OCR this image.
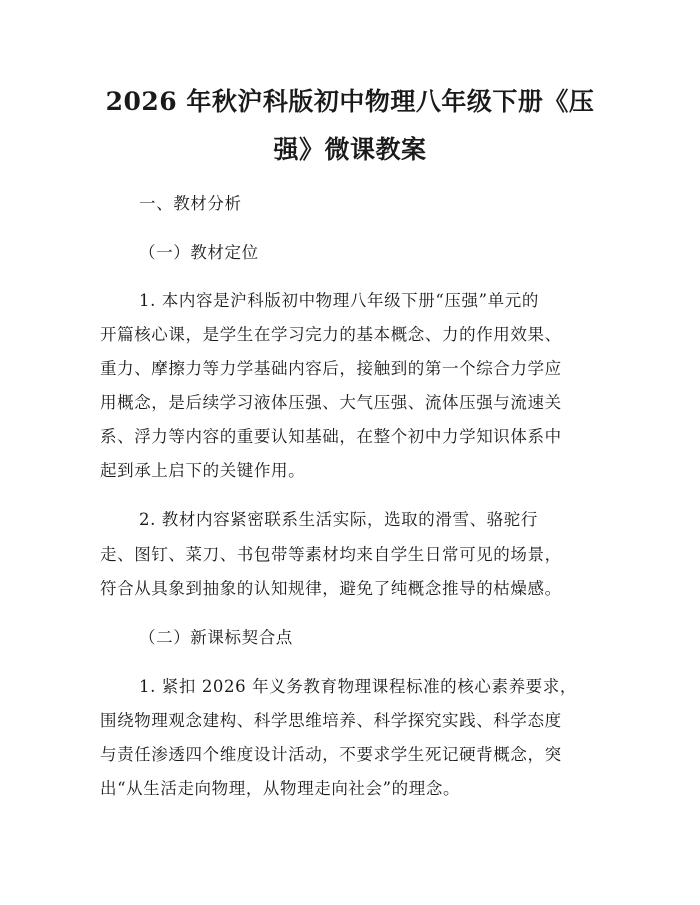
2026 年秋沪科版初中物理八年级下册《压
强》微课教案
一、教材分析
（一）教材定位
1. 本内容是沪科版初中物理八年级下册“压强”单元的
开篇核心课，是学生在学习完力的基本概念、力的作用效果、
重力、摩擦力等力学基础内容后，接触到的第一个综合力学应
用概念，是后续学习液体压强、大气压强、流体压强与流速关
系、浮力等内容的重要认知基础，在整个初中力学知识体系中
起到承上启下的关键作用。
2. 教材内容紧密联系生活实际，选取的滑雪、骆驼行
走、图钉、菜刀、书包带等素材均来自学生日常可见的场景，
符合从具象到抽象的认知规律，避免了纯概念推导的枯燥感。
（二）新课标契合点
1. 紧扣 2026 年义务教育物理课程标准的核心素养要求，
围绕物理观念建构、科学思维培养、科学探究实践、科学态度
与责任渗透四个维度设计活动，不要求学生死记硬背概念，突
出“从生活走向物理，从物理走向社会”的理念。
